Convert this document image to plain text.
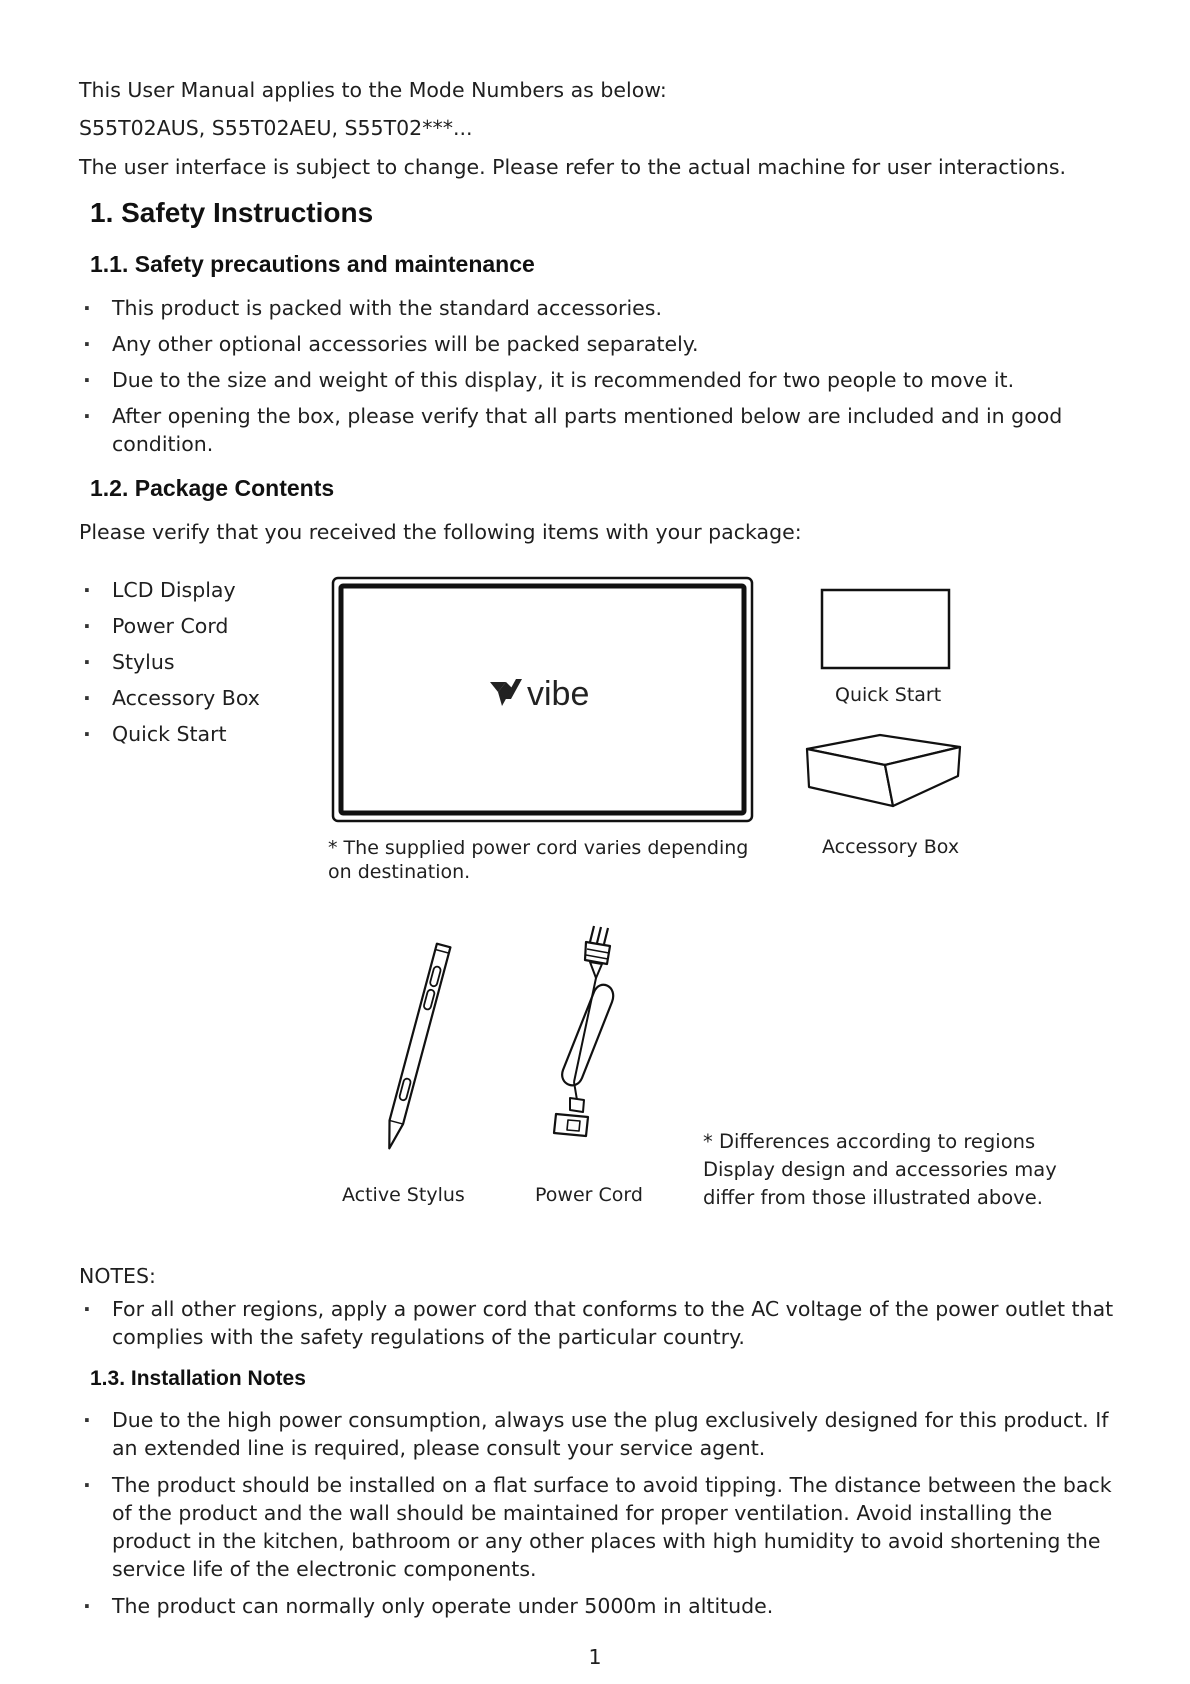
This User Manual applies to the Mode Numbers as below:
S55T02AUS, S55T02AEU, S55T02***...
The user interface is subject to change. Please refer to the actual machine for user interactions.
1. Safety Instructions
1.1. Safety precautions and maintenance
· This product is packed with the standard accessories.
· Any other optional accessories will be packed separately.
· Due to the size and weight of this display, it is recommended for two people to move it.
· After opening the box, please verify that all parts mentioned below are included and in good condition.
1.2. Package Contents
Please verify that you received the following items with your package:
· LCD Display
· Power Cord
· Stylus
· Accessory Box
· Quick Start
vibe	Quick Start
Accessory Box
* The supplied power cord varies depending on destination.
Active Stylus	Power Cord
* Differences according to regions
Display design and accessories may
differ from those illustrated above.
NOTES:
· For all other regions, apply a power cord that conforms to the AC voltage of the power outlet that complies with the safety regulations of the particular country.
1.3. Installation Notes
· Due to the high power consumption, always use the plug exclusively designed for this product. If an extended line is required, please consult your service agent.
· The product should be installed on a flat surface to avoid tipping. The distance between the back of the product and the wall should be maintained for proper ventilation. Avoid installing the product in the kitchen, bathroom or any other places with high humidity to avoid shortening the service life of the electronic components.
· The product can normally only operate under 5000m in altitude.
1
